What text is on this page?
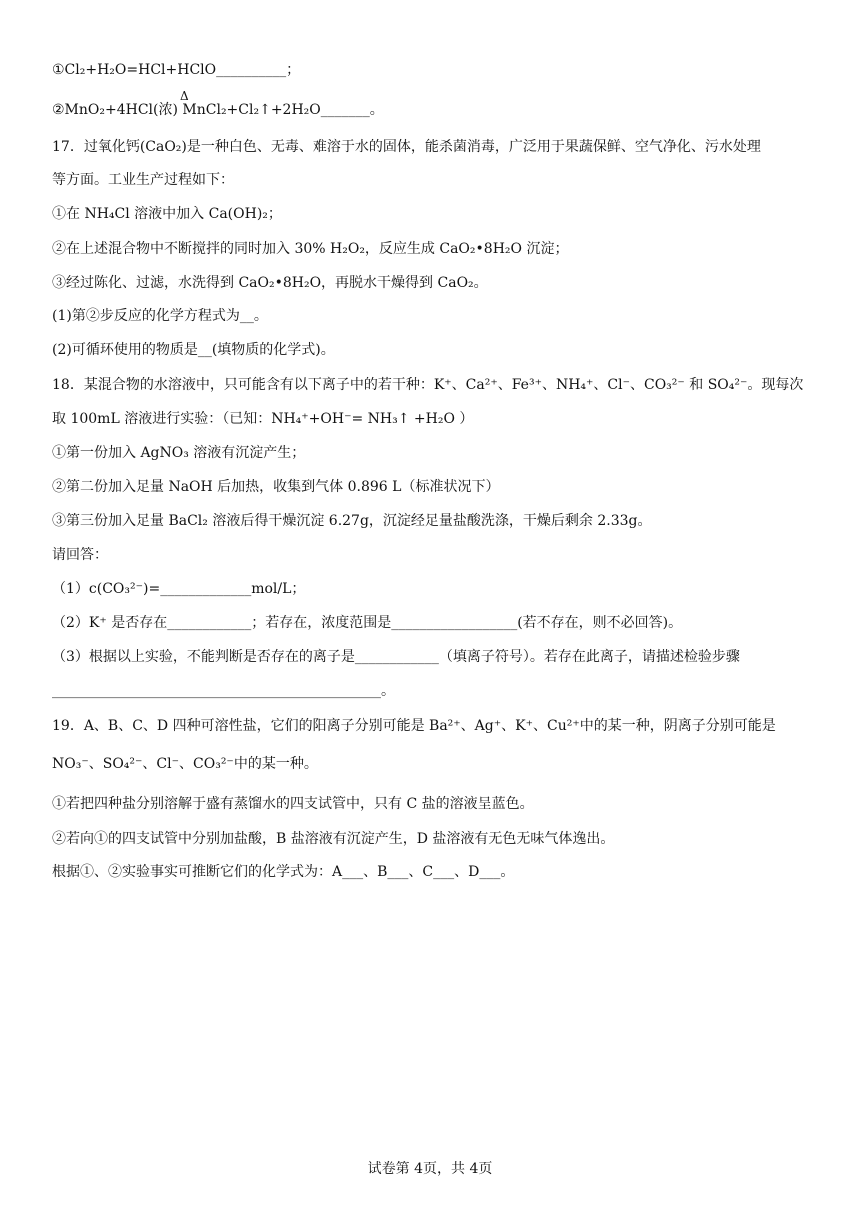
①Cl₂+H₂O=HCl+HClO__________；
②MnO₂+4HCl(浓)
Δ
MnCl₂+Cl₂↑+2H₂O_______。
17．过氧化钙(CaO₂)是一种白色、无毒、难溶于水的固体，能杀菌消毒，广泛用于果蔬保鲜、空气净化、污水处理
等方面。工业生产过程如下：
①在 NH₄Cl 溶液中加入 Ca(OH)₂；
②在上述混合物中不断搅拌的同时加入 30% H₂O₂，反应生成 CaO₂•8H₂O 沉淀；
③经过陈化、过滤，水洗得到 CaO₂•8H₂O，再脱水干燥得到 CaO₂。
(1)第②步反应的化学方程式为__。
(2)可循环使用的物质是__(填物质的化学式)。
18．某混合物的水溶液中，只可能含有以下离子中的若干种：K⁺、Ca²⁺、Fe³⁺、NH₄⁺、Cl⁻、CO₃²⁻ 和 SO₄²⁻。现每次
取 100mL 溶液进行实验：（已知：NH₄⁺+OH⁻= NH₃↑ +H₂O ）
①第一份加入 AgNO₃ 溶液有沉淀产生；
②第二份加入足量 NaOH 后加热，收集到气体 0.896 L（标准状况下）
③第三份加入足量 BaCl₂ 溶液后得干燥沉淀 6.27g，沉淀经足量盐酸洗涤，干燥后剩余 2.33g。
请回答：
（1）c(CO₃²⁻)=_____________mol/L；
（2）K⁺ 是否存在____________；若存在，浓度范围是__________________(若不存在，则不必回答)。
（3）根据以上实验，不能判断是否存在的离子是____________（填离子符号）。若存在此离子，请描述检验步骤
_______________________________________________。
19．A、B、C、D 四种可溶性盐，它们的阳离子分别可能是 Ba²⁺、Ag⁺、K⁺、Cu²⁺中的某一种，阴离子分别可能是
NO₃⁻、SO₄²⁻、Cl⁻、CO₃²⁻中的某一种。
①若把四种盐分别溶解于盛有蒸馏水的四支试管中，只有 C 盐的溶液呈蓝色。
②若向①的四支试管中分别加盐酸，B 盐溶液有沉淀产生，D 盐溶液有无色无味气体逸出。
根据①、②实验事实可推断它们的化学式为：A___、B___、C___、D___。
试卷第 4页，共 4页
